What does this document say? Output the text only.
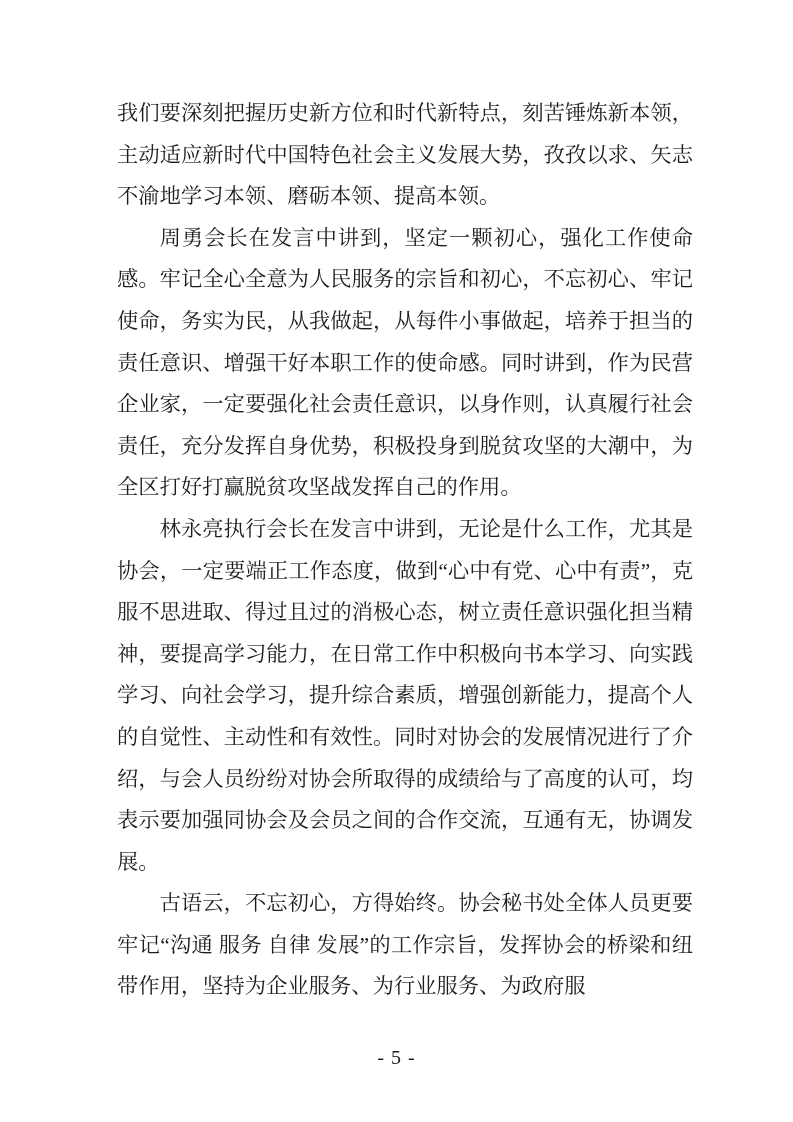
我们要深刻把握历史新方位和时代新特点，刻苦锤炼新本领，主动适应新时代中国特色社会主义发展大势，孜孜以求、矢志不渝地学习本领、磨砺本领、提高本领。

周勇会长在发言中讲到，坚定一颗初心，强化工作使命感。牢记全心全意为人民服务的宗旨和初心，不忘初心、牢记使命，务实为民，从我做起，从每件小事做起，培养于担当的责任意识、增强干好本职工作的使命感。同时讲到，作为民营企业家，一定要强化社会责任意识，以身作则，认真履行社会责任，充分发挥自身优势，积极投身到脱贫攻坚的大潮中，为全区打好打赢脱贫攻坚战发挥自己的作用。

林永亮执行会长在发言中讲到，无论是什么工作，尤其是协会，一定要端正工作态度，做到“心中有党、心中有责”，克服不思进取、得过且过的消极心态，树立责任意识强化担当精神，要提高学习能力，在日常工作中积极向书本学习、向实践学习、向社会学习，提升综合素质，增强创新能力，提高个人的自觉性、主动性和有效性。同时对协会的发展情况进行了介绍，与会人员纷纷对协会所取得的成绩给与了高度的认可，均表示要加强同协会及会员之间的合作交流，互通有无，协调发展。

古语云，不忘初心，方得始终。协会秘书处全体人员更要牢记“沟通 服务 自律 发展”的工作宗旨，发挥协会的桥梁和纽带作用，坚持为企业服务、为行业服务、为政府服

- 5 -
